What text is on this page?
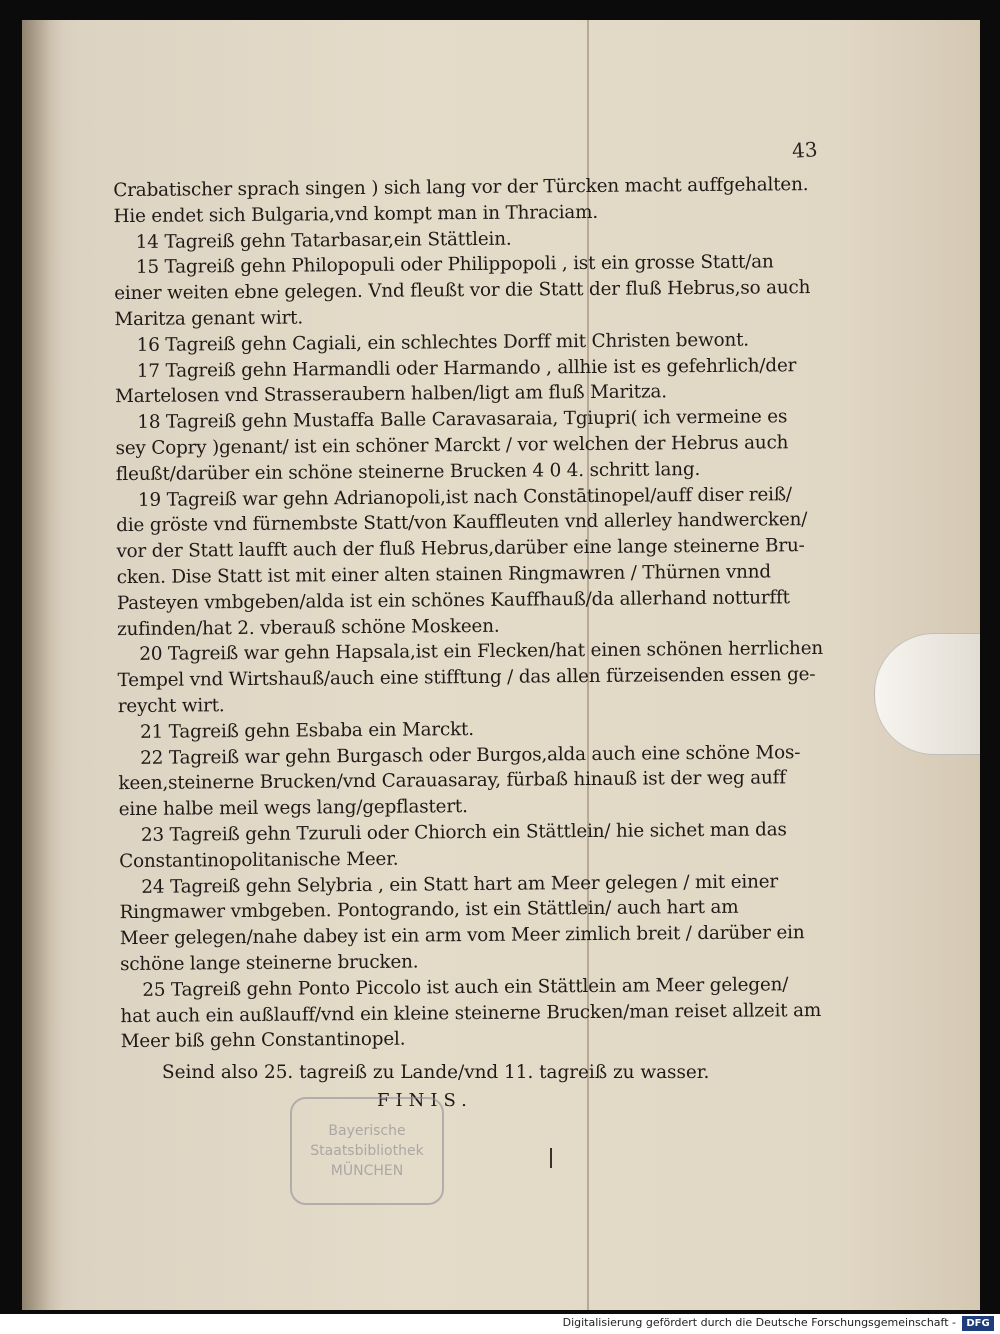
43
Crabatischer sprach singen ) sich lang vor der Türcken macht auffgehalten.
Hie endet sich Bulgaria,vnd kompt man in Thraciam.
14 Tagreiß gehn Tatarbasar,ein Stättlein.
15 Tagreiß gehn Philopopuli oder Philippopoli , ist ein grosse Statt/an
einer weiten ebne gelegen. Vnd fleußt vor die Statt der fluß Hebrus,so auch
Maritza genant wirt.
16 Tagreiß gehn Cagiali, ein schlechtes Dorff mit Christen bewont.
17 Tagreiß gehn Harmandli oder Harmando , allhie ist es gefehrlich/der
Martelosen vnd Strasseraubern halben/ligt am fluß Maritza.
18 Tagreiß gehn Mustaffa Balle Caravasaraia, Tgiupri( ich vermeine es
sey Copry )genant/ ist ein schöner Marckt / vor welchen der Hebrus auch
fleußt/darüber ein schöne steinerne Brucken 4 0 4. schritt lang.
19 Tagreiß war gehn Adrianopoli,ist nach Constātinopel/auff diser reiß/
die gröste vnd fürnembste Statt/von Kauffleuten vnd allerley handwercken/
vor der Statt laufft auch der fluß Hebrus,darüber eine lange steinerne Bru-
cken. Dise Statt ist mit einer alten stainen Ringmawren / Thürnen vnnd
Pasteyen vmbgeben/alda ist ein schönes Kauffhauß/da allerhand notturfft
zufinden/hat 2. vberauß schöne Moskeen.
20 Tagreiß war gehn Hapsala,ist ein Flecken/hat einen schönen herrlichen
Tempel vnd Wirtshauß/auch eine stifftung / das allen fürzeisenden essen ge-
reycht wirt.
21 Tagreiß gehn Esbaba ein Marckt.
22 Tagreiß war gehn Burgasch oder Burgos,alda auch eine schöne Mos-
keen,steinerne Brucken/vnd Carauasaray, fürbaß hinauß ist der weg auff
eine halbe meil wegs lang/gepflastert.
23 Tagreiß gehn Tzuruli oder Chiorch ein Stättlein/ hie sichet man das
Constantinopolitanische Meer.
24 Tagreiß gehn Selybria , ein Statt hart am Meer gelegen / mit einer
Ringmawer vmbgeben. Pontogrando, ist ein Stättlein/ auch hart am
Meer gelegen/nahe dabey ist ein arm vom Meer zimlich breit / darüber ein
schöne lange steinerne brucken.
25 Tagreiß gehn Ponto Piccolo ist auch ein Stättlein am Meer gelegen/
hat auch ein außlauff/vnd ein kleine steinerne Brucken/man reiset allzeit am
Meer biß gehn Constantinopel.
Seind also 25. tagreiß zu Lande/vnd 11. tagreiß zu wasser.
FINIS.
Bayerische
Staatsbibliothek
MÜNCHEN
Digitalisierung gefördert durch die Deutsche Forschungsgemeinschaft -	DFG
